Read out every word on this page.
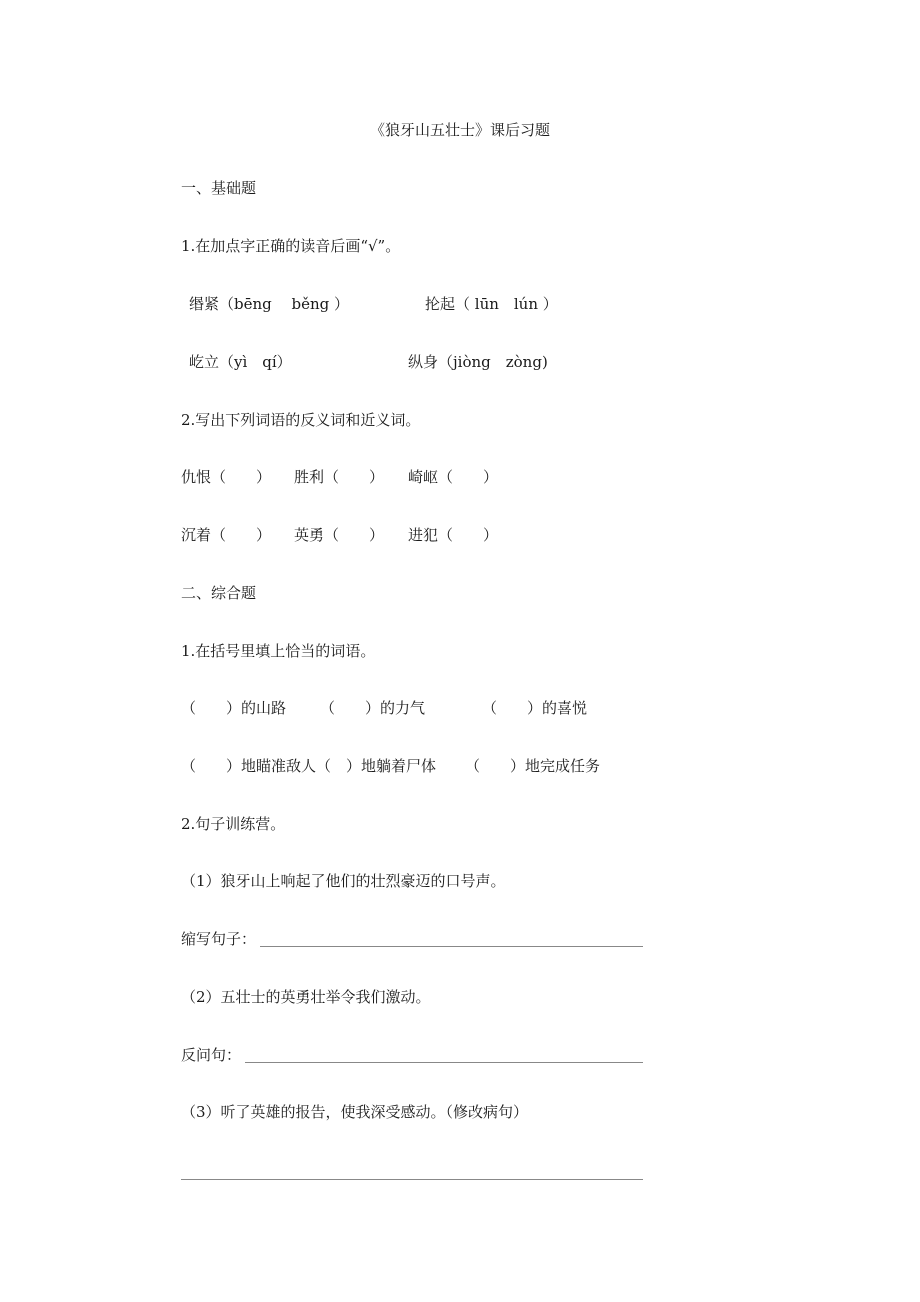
《狼牙山五壮士》课后习题
一、基础题
1.在加点字正确的读音后画“√”。
缗紧（bēng　 běng ）	抡起（ lūn　lún ）
屹立（yì　qí）	纵身（jiòng　zòng)
2.写出下列词语的反义词和近义词。
仇恨（　　） 胜利（　　） 崎岖（　　）
沉着（　　） 英勇（　　） 进犯（　　）
二、综合题
1.在括号里填上恰当的词语。
（　　）的山路 （　　）的力气	（　　）的喜悦
（　　）地瞄准敌人（　）地躺着尸体 （　　）地完成任务
2.句子训练营。
（1）狼牙山上响起了他们的壮烈豪迈的口号声。
缩写句子：
（2）五壮士的英勇壮举令我们激动。
反问句：
（3）听了英雄的报告，使我深受感动。（修改病句）
